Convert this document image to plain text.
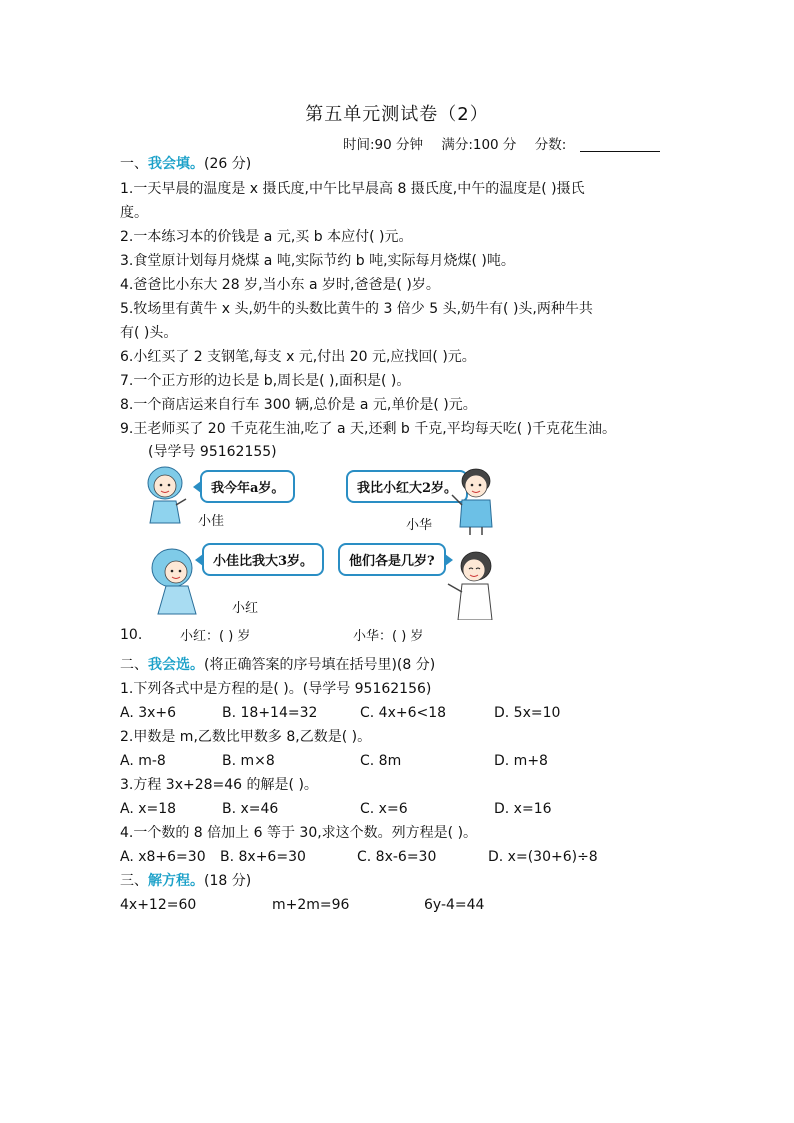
第五单元测试卷（2）
时间:90 分钟 满分:100 分 分数:
一、我会填。(26 分)
1.一天早晨的温度是 x 摄氏度,中午比早晨高 8 摄氏度,中午的温度是( )摄氏
度。
2.一本练习本的价钱是 a 元,买 b 本应付( )元。
3.食堂原计划每月烧煤 a 吨,实际节约 b 吨,实际每月烧煤( )吨。
4.爸爸比小东大 28 岁,当小东 a 岁时,爸爸是( )岁。
5.牧场里有黄牛 x 头,奶牛的头数比黄牛的 3 倍少 5 头,奶牛有( )头,两种牛共
有( )头。
6.小红买了 2 支钢笔,每支 x 元,付出 20 元,应找回( )元。
7.一个正方形的边长是 b,周长是( ),面积是( )。
8.一个商店运来自行车 300 辆,总价是 a 元,单价是( )元。
9.王老师买了 20 千克花生油,吃了 a 天,还剩 b 千克,平均每天吃( )千克花生油。
(导学号 95162155)
我今年a岁。
小佳
我比小红大2岁。
小华
小佳比我大3岁。
小红
他们各是几岁?
10.	小红：( ) 岁	小华：( ) 岁
二、我会选。(将正确答案的序号填在括号里)(8 分)
1.下列各式中是方程的是( )。(导学号 95162156)
A. 3x+6	B. 18+14=32	C. 4x+6<18	D. 5x=10
2.甲数是 m,乙数比甲数多 8,乙数是( )。
A. m-8	B. m×8	C. 8m	D. m+8
3.方程 3x+28=46 的解是( )。
A. x=18	B. x=46	C. x=6	D. x=16
4.一个数的 8 倍加上 6 等于 30,求这个数。列方程是( )。
A. x8+6=30 B. 8x+6=30	C. 8x-6=30	D. x=(30+6)÷8
三、解方程。(18 分)
4x+12=60	m+2m=96	6y-4=44
